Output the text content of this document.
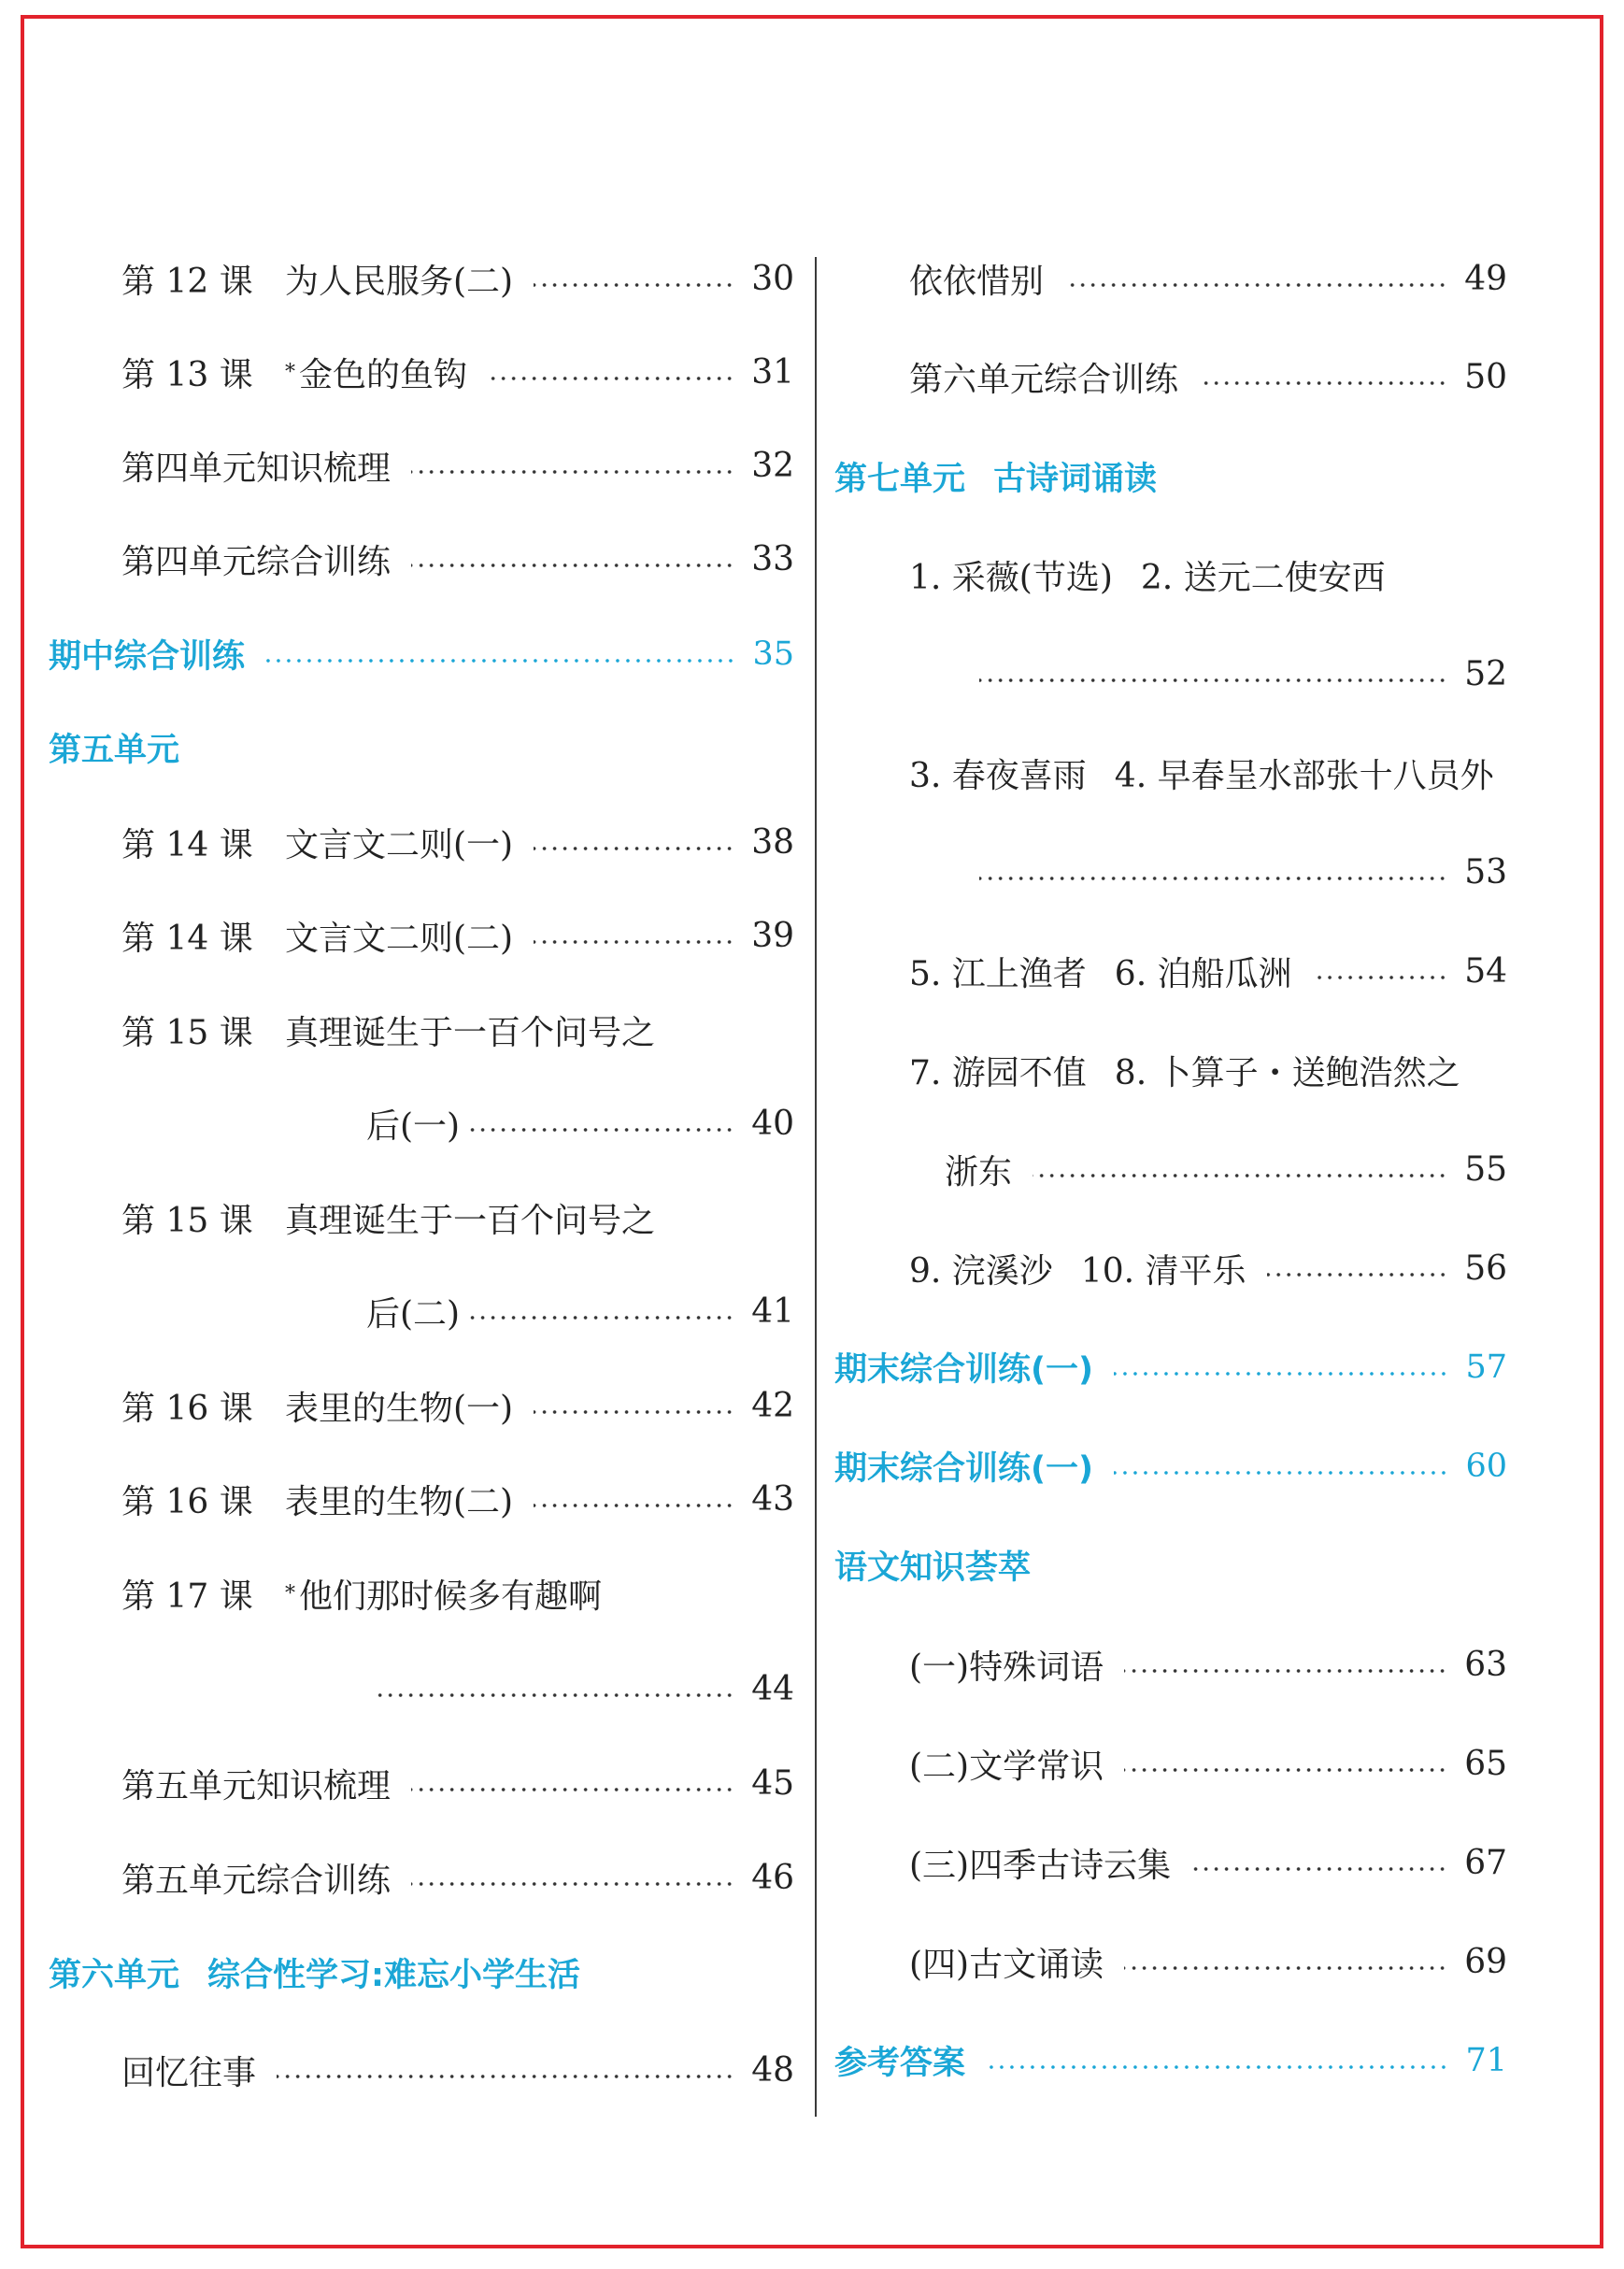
第 12 课 为人民服务(二)	30
第 13 课	* 金色的鱼钩	31
第四单元知识梳理	32
第四单元综合训练	33
期中综合训练	35
第五单元
第 14 课 文言文二则(一)	38
第 14 课 文言文二则(二)	39
第 15 课 真理诞生于一百个问号之
后(一)	40
第 15 课 真理诞生于一百个问号之
后(二)	41
第 16 课 表里的生物(一)	42
第 16 课 表里的生物(二)	43
第 17 课	* 他们那时候多有趣啊
44
第五单元知识梳理	45
第五单元综合训练	46
第六单元 综合性学习:难忘小学生活
回忆往事	48
依依惜别	49
第六单元综合训练	50
第七单元 古诗词诵读
1. 采薇(节选) 2. 送元二使安西
52
3. 春夜喜雨 4. 早春呈水部张十八员外
53
5. 江上渔者 6. 泊船瓜洲	54
7. 游园不值 8. 卜算子・送鲍浩然之
浙东	55
9. 浣溪沙 10. 清平乐	56
期末综合训练(一)	57
期末综合训练(一)	60
语文知识荟萃
(一)特殊词语	63
(二)文学常识	65
(三)四季古诗云集	67
(四)古文诵读	69
参考答案	71
